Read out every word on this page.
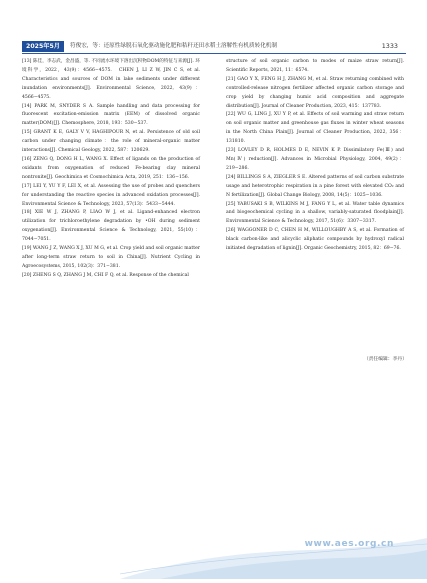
2025年5月	符俊宏，等：还原性绿脱石氧化驱动施化肥和秸秆还田水稻土溶解性有机质转化机制	1333

[13] 陈佳，李志武，金昌盛，等. 不同流水环境下溶出沉积物DOM的特征与来源[J]. 环境科学，2022，43(9)：4566−4575.　CHEN J, LI Z W, JIN C S, et al. Characteristics and sources of DOM in lake sediments under different inundation environments[J]. Environmental Science, 2022, 43(9)：4566−4575.

[14] PARK M, SNYDER S A. Sample handling and data processing for fluorescent excitation-emission matrix (EEM) of dissolved organic matter(DOM)[J]. Chemosphere, 2018, 193：530−537.

[15] GRANT K E, GALY V V, HAGHIPOUR N, et al. Persistence of old soil carbon under changing climate：the role of mineral-organic matter interactions[J]. Chemical Geology, 2022, 587：120629.

[16] ZENG Q, DONG H L, WANG X. Effect of ligands on the production of oxidants from oxygenation of reduced Fe-bearing clay mineral nontronite[J]. Geochimica et Cosmochimica Acta, 2019, 251：136−156.

[17] LEI Y, YU Y F, LEI X, et al. Assessing the use of probes and quenchers for understanding the reactive species in advanced oxidation processes[J]. Environmental Science & Technology, 2023, 57(13)：5433−5444.

[18] XIE W J, ZHANG P, LIAO W J, et al. Ligand-enhanced electron utilization for trichloroethylene degradation by •OH during sediment oxygenation[J]. Environmental Science & Technology, 2021, 55(10)：7044−7051.

[19] WANG J Z, WANG X J, XU M G, et al. Crop yield and soil organic matter after long-term straw return to soil in China[J]. Nutrient Cycling in Agroecosystems, 2015, 102(3)：371−381.

[20] ZHENG S Q, ZHANG J M, CHI F Q, et al. Response of the chemical

structure of soil organic carbon to modes of maize straw return[J]. Scientific Reports, 2021, 11：6574.

[21] GAO Y X, FENG H J, ZHANG M, et al. Straw returning combined with controlled-release nitrogen fertilizer affected organic carbon storage and crop yield by changing humic acid composition and aggregate distribution[J]. Journal of Cleaner Production, 2023, 415：137783.

[22] WU G, LING J, XU Y P, et al. Effects of soil warming and straw return on soil organic matter and greenhouse gas fluxes in winter wheat seasons in the North China Plain[J]. Journal of Cleaner Production, 2022, 356：131810.

[23] LOVLEY D R, HOLMES D E, NEVIN K P. Dissimilatory Fe(Ⅲ) and Mn(Ⅳ) reduction[J]. Advances in Microbial Physiology, 2004, 49(2)：219−286.

[24] BILLINGS S A, ZIEGLER S E. Altered patterns of soil carbon substrate usage and heterotrophic respiration in a pine forest with elevated CO₂ and N fertilization[J]. Global Change Biology, 2008, 14(5)：1025−1036.

[25] YABUSAKI S B, WILKINS M J, FANG Y L, et al. Water table dynamics and biogeochemical cycling in a shallow, variably-saturated floodplain[J]. Environmental Science & Technology, 2017, 51(6)：3307−3317.

[26] WAGGONER D C, CHEN H M, WILLOUGHBY A S, et al. Formation of black carbon-like and alicyclic aliphatic compounds by hydroxyl radical initiated degradation of lignin[J]. Organic Geochemistry, 2015, 82：69−76.

（责任编辑：李丹）
www.aes.org.cn
